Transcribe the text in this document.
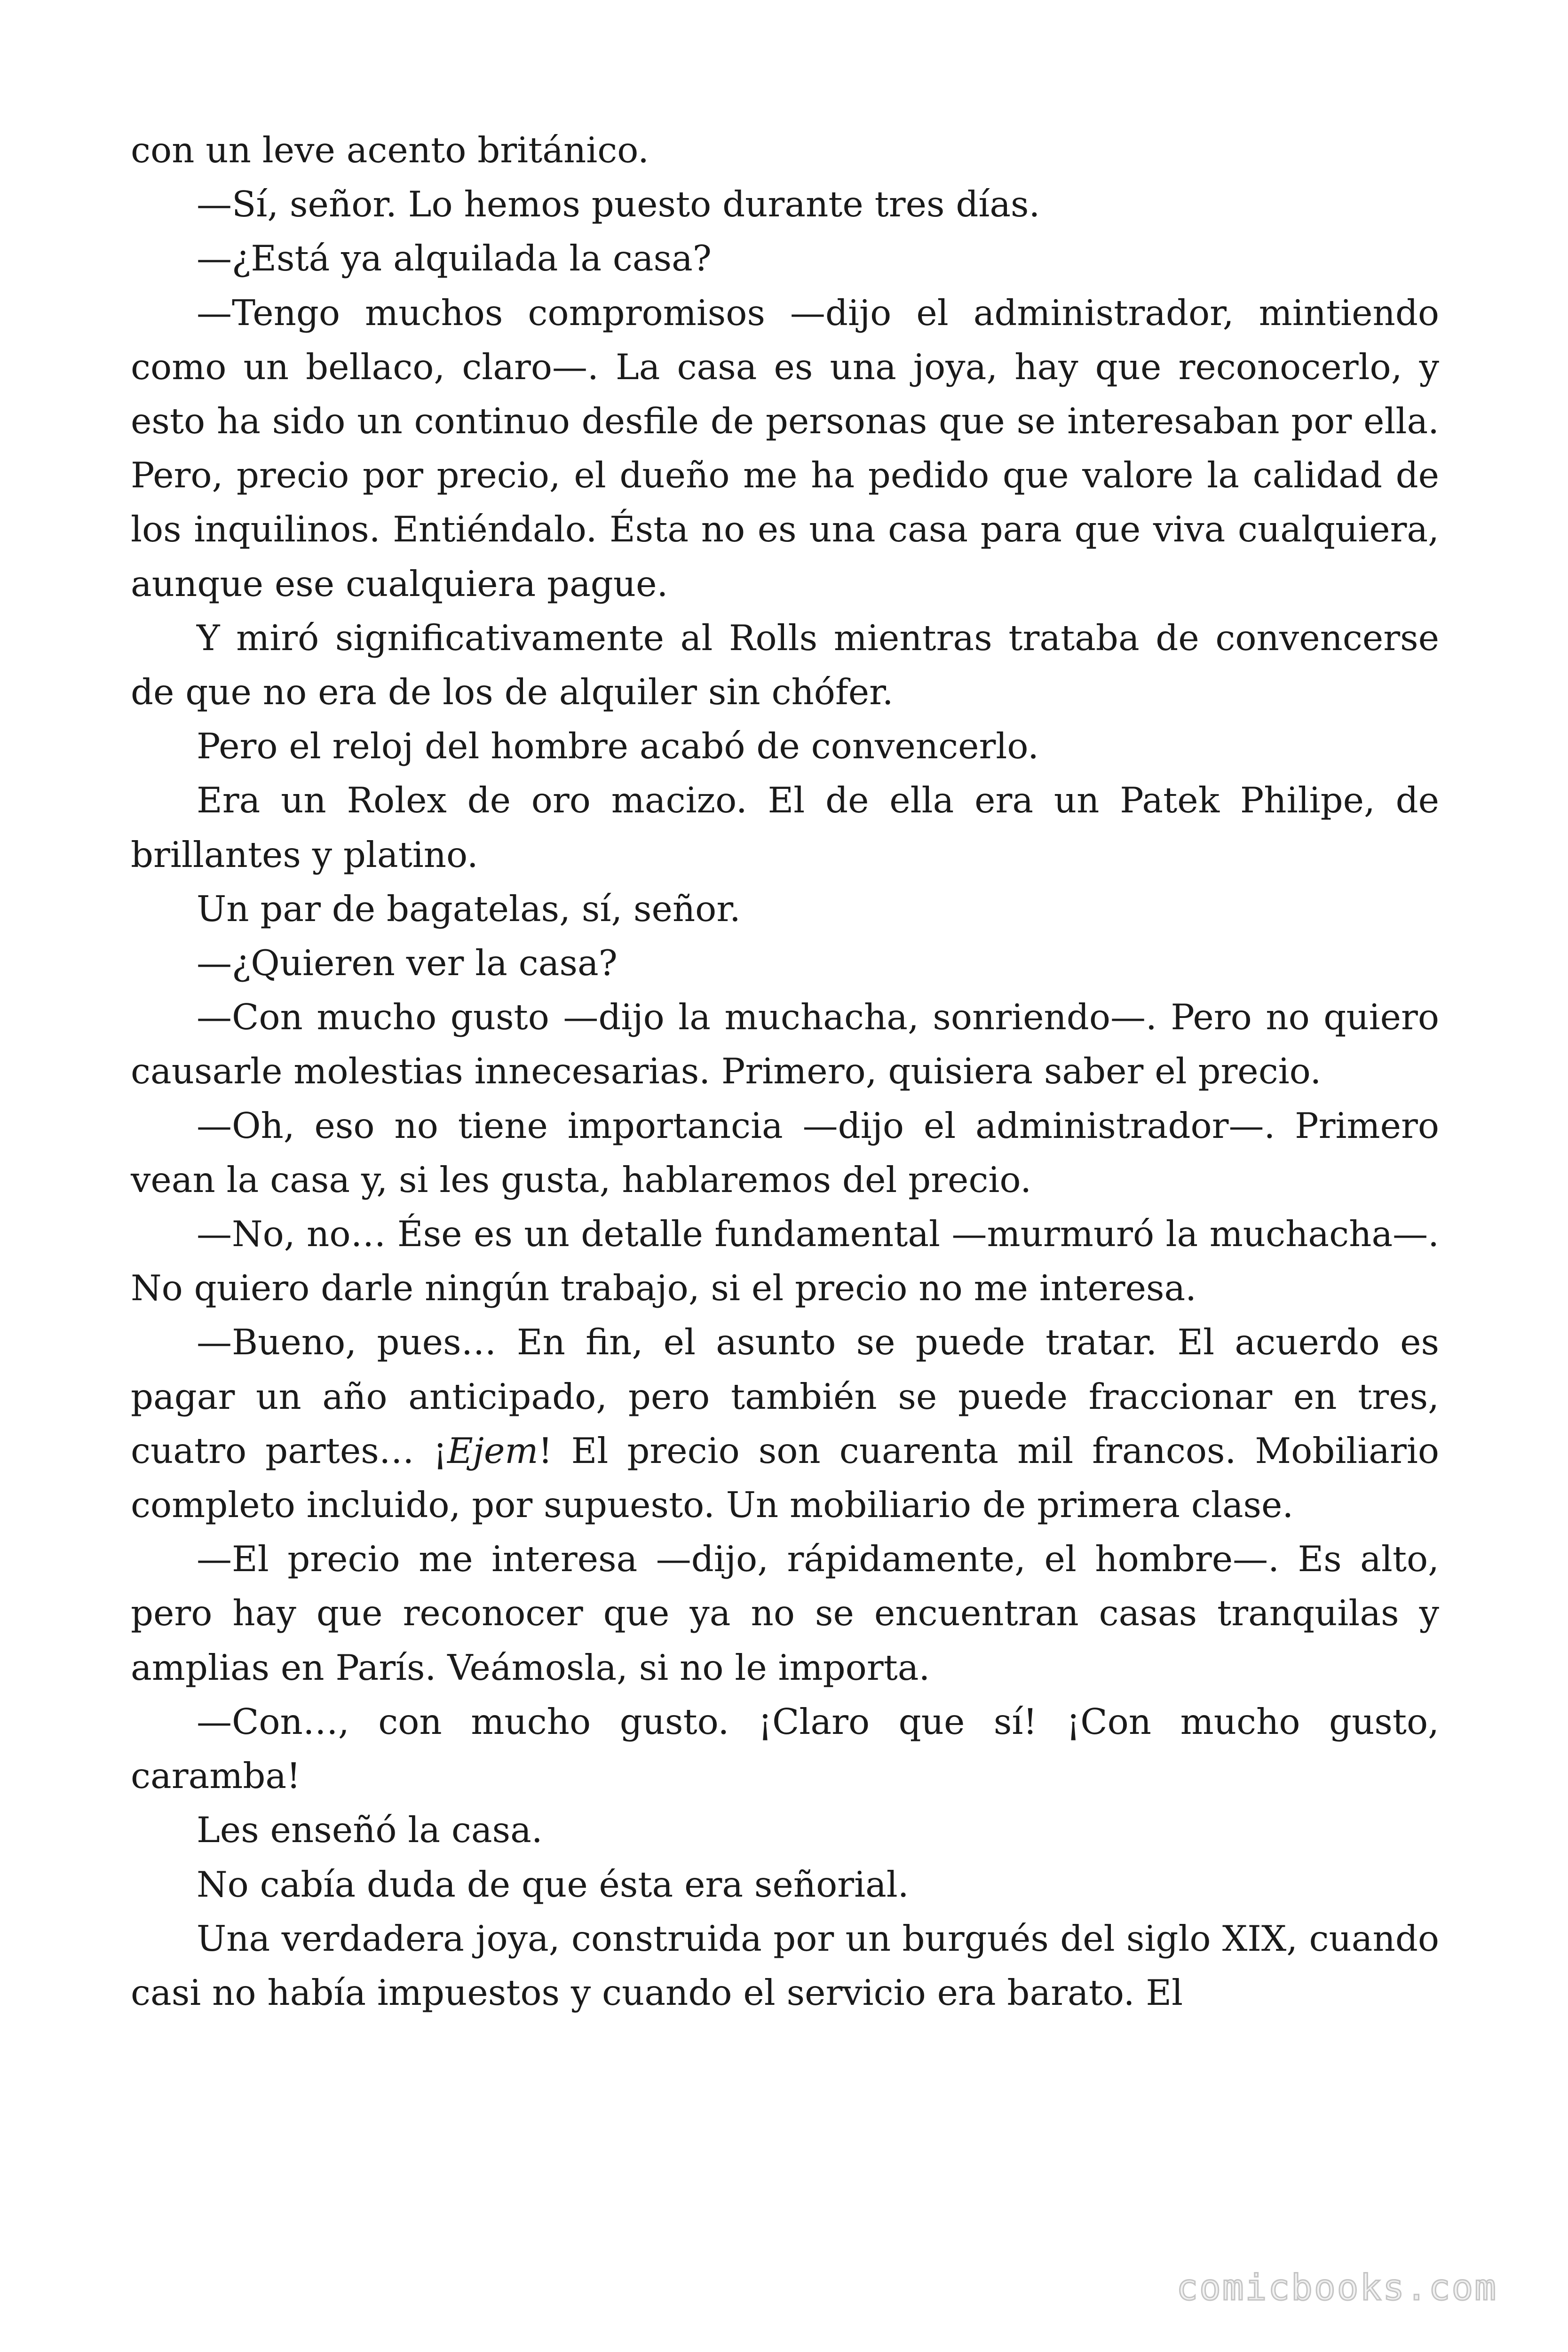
con un leve acento británico.

—Sí, señor. Lo hemos puesto durante tres días.

—¿Está ya alquilada la casa?

—Tengo muchos compromisos —dijo el administrador, mintiendo como un bellaco, claro—. La casa es una joya, hay que reconocerlo, y esto ha sido un continuo desfile de personas que se interesaban por ella. Pero, precio por precio, el dueño me ha pedido que valore la calidad de los inquilinos. Entiéndalo. Ésta no es una casa para que viva cualquiera, aunque ese cualquiera pague.

Y miró significativamente al Rolls mientras trataba de convencerse de que no era de los de alquiler sin chófer.

Pero el reloj del hombre acabó de convencerlo.

Era un Rolex de oro macizo. El de ella era un Patek Philipe, de brillantes y platino.

Un par de bagatelas, sí, señor.

—¿Quieren ver la casa?

—Con mucho gusto —dijo la muchacha, sonriendo—. Pero no quiero causarle molestias innecesarias. Primero, quisiera saber el precio.

—Oh, eso no tiene importancia —dijo el administrador—. Primero vean la casa y, si les gusta, hablaremos del precio.

—No, no… Ése es un detalle fundamental —murmuró la muchacha—. No quiero darle ningún trabajo, si el precio no me interesa.

—Bueno, pues… En fin, el asunto se puede tratar. El acuerdo es pagar un año anticipado, pero también se puede fraccionar en tres, cuatro partes… ¡Ejem! El precio son cuarenta mil francos. Mobiliario completo incluido, por supuesto. Un mobiliario de primera clase.

—El precio me interesa —dijo, rápidamente, el hombre—. Es alto, pero hay que reconocer que ya no se encuentran casas tranquilas y amplias en París. Veámosla, si no le importa.

—Con…, con mucho gusto. ¡Claro que sí! ¡Con mucho gusto, caramba!

Les enseñó la casa.

No cabía duda de que ésta era señorial.

Una verdadera joya, construida por un burgués del siglo XIX, cuando casi no había impuestos y cuando el servicio era barato. El

comicbooks.com
